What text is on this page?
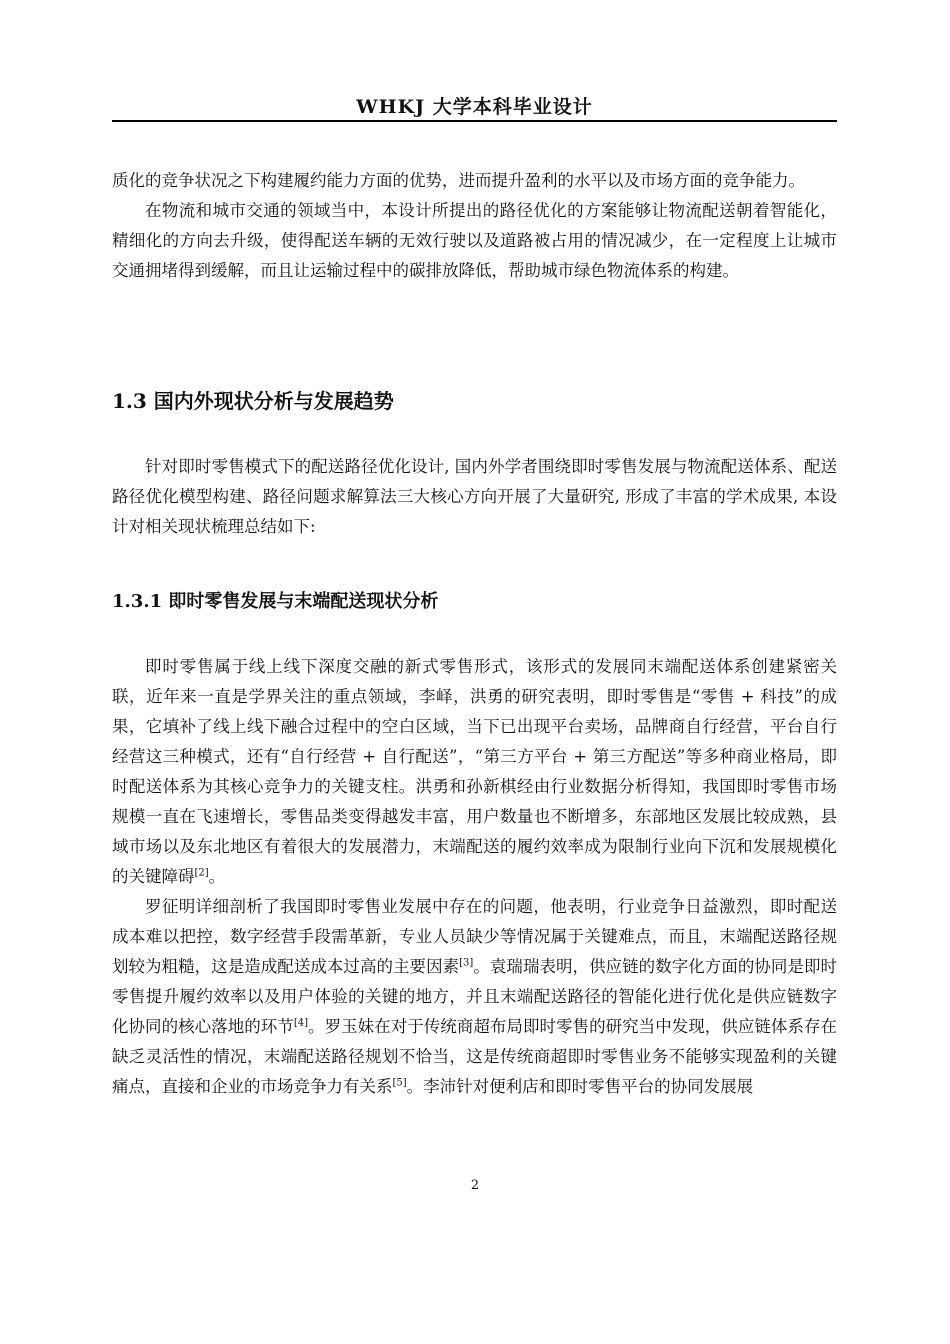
WHKJ 大学本科毕业设计

质化的竞争状况之下构建履约能力方面的优势，进而提升盈利的水平以及市场方面的竞争能力。

在物流和城市交通的领域当中，本设计所提出的路径优化的方案能够让物流配送朝着智能化，精细化的方向去升级，使得配送车辆的无效行驶以及道路被占用的情况减少，在一定程度上让城市交通拥堵得到缓解，而且让运输过程中的碳排放降低，帮助城市绿色物流体系的构建。

1.3 国内外现状分析与发展趋势

针对即时零售模式下的配送路径优化设计, 国内外学者围绕即时零售发展与物流配送体系、配送路径优化模型构建、路径问题求解算法三大核心方向开展了大量研究, 形成了丰富的学术成果, 本设计对相关现状梳理总结如下:

1.3.1 即时零售发展与末端配送现状分析

即时零售属于线上线下深度交融的新式零售形式，该形式的发展同末端配送体系创建紧密关联，近年来一直是学界关注的重点领域，李峄，洪勇的研究表明，即时零售是“零售 + 科技”的成果，它填补了线上线下融合过程中的空白区域，当下已出现平台卖场，品牌商自行经营，平台自行经营这三种模式，还有“自行经营 + 自行配送”，“第三方平台 + 第三方配送”等多种商业格局，即时配送体系为其核心竞争力的关键支柱。洪勇和孙新棋经由行业数据分析得知，我国即时零售市场规模一直在飞速增长，零售品类变得越发丰富，用户数量也不断增多，东部地区发展比较成熟，县域市场以及东北地区有着很大的发展潜力，末端配送的履约效率成为限制行业向下沉和发展规模化的关键障碍[2]。

罗征明详细剖析了我国即时零售业发展中存在的问题，他表明，行业竞争日益激烈，即时配送成本难以把控，数字经营手段需革新，专业人员缺少等情况属于关键难点，而且，末端配送路径规划较为粗糙，这是造成配送成本过高的主要因素[3]。袁瑞瑞表明，供应链的数字化方面的协同是即时零售提升履约效率以及用户体验的关键的地方，并且末端配送路径的智能化进行优化是供应链数字化协同的核心落地的环节[4]。罗玉妹在对于传统商超布局即时零售的研究当中发现，供应链体系存在缺乏灵活性的情况，末端配送路径规划不恰当，这是传统商超即时零售业务不能够实现盈利的关键痛点，直接和企业的市场竞争力有关系[5]。李沛针对便利店和即时零售平台的协同发展展

2
